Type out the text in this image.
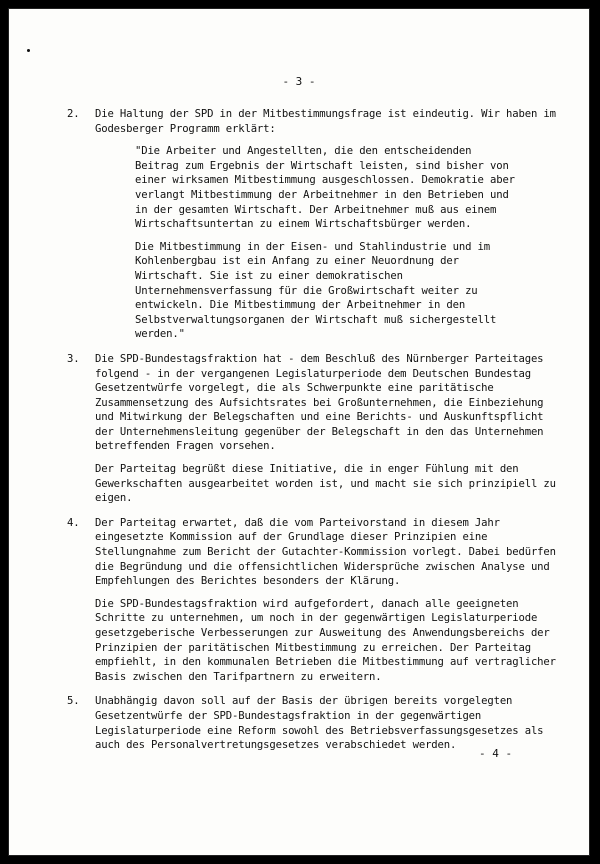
- 3 -
2. Die Haltung der SPD in der Mitbestimmungsfrage ist eindeutig. Wir haben im Godesberger Programm erklärt:

"Die Arbeiter und Angestellten, die den entscheidenden Beitrag zum Ergebnis der Wirtschaft leisten, sind bisher von einer wirksamen Mitbestimmung ausgeschlossen. Demokratie aber verlangt Mitbestimmung der Arbeitnehmer in den Betrieben und in der gesamten Wirtschaft. Der Arbeitnehmer muß aus einem Wirtschaftsuntertan zu einem Wirtschaftsbürger werden.

Die Mitbestimmung in der Eisen- und Stahlindustrie und im Kohlenbergbau ist ein Anfang zu einer Neuordnung der Wirtschaft. Sie ist zu einer demokratischen Unternehmensverfassung für die Großwirtschaft weiter zu entwickeln. Die Mitbestimmung der Arbeitnehmer in den Selbstverwaltungsorganen der Wirtschaft muß sichergestellt werden."

3. Die SPD-Bundestagsfraktion hat - dem Beschluß des Nürnberger Parteitages folgend - in der vergangenen Legislaturperiode dem Deutschen Bundestag Gesetzentwürfe vorgelegt, die als Schwerpunkte eine paritätische Zusammensetzung des Aufsichtsrates bei Großunternehmen, die Einbeziehung und Mitwirkung der Belegschaften und eine Berichts- und Auskunftspflicht der Unternehmensleitung gegenüber der Belegschaft in den das Unternehmen betreffenden Fragen vorsehen.

Der Parteitag begrüßt diese Initiative, die in enger Fühlung mit den Gewerkschaften ausgearbeitet worden ist, und macht sie sich prinzipiell zu eigen.

4. Der Parteitag erwartet, daß die vom Parteivorstand in diesem Jahr eingesetzte Kommission auf der Grundlage dieser Prinzipien eine Stellungnahme zum Bericht der Gutachter-Kommission vorlegt. Dabei bedürfen die Begründung und die offensichtlichen Widersprüche zwischen Analyse und Empfehlungen des Berichtes besonders der Klärung.

Die SPD-Bundestagsfraktion wird aufgefordert, danach alle geeigneten Schritte zu unternehmen, um noch in der gegenwärtigen Legislaturperiode gesetzgeberische Verbesserungen zur Ausweitung des Anwendungsbereichs der Prinzipien der paritätischen Mitbestimmung zu erreichen. Der Parteitag empfiehlt, in den kommunalen Betrieben die Mitbestimmung auf vertraglicher Basis zwischen den Tarifpartnern zu erweitern.

5. Unabhängig davon soll auf der Basis der übrigen bereits vorgelegten Gesetzentwürfe der SPD-Bundestagsfraktion in der gegenwärtigen Legislaturperiode eine Reform sowohl des Betriebsverfassungsgesetzes als auch des Personalvertretungsgesetzes verabschiedet werden.

- 4 -
